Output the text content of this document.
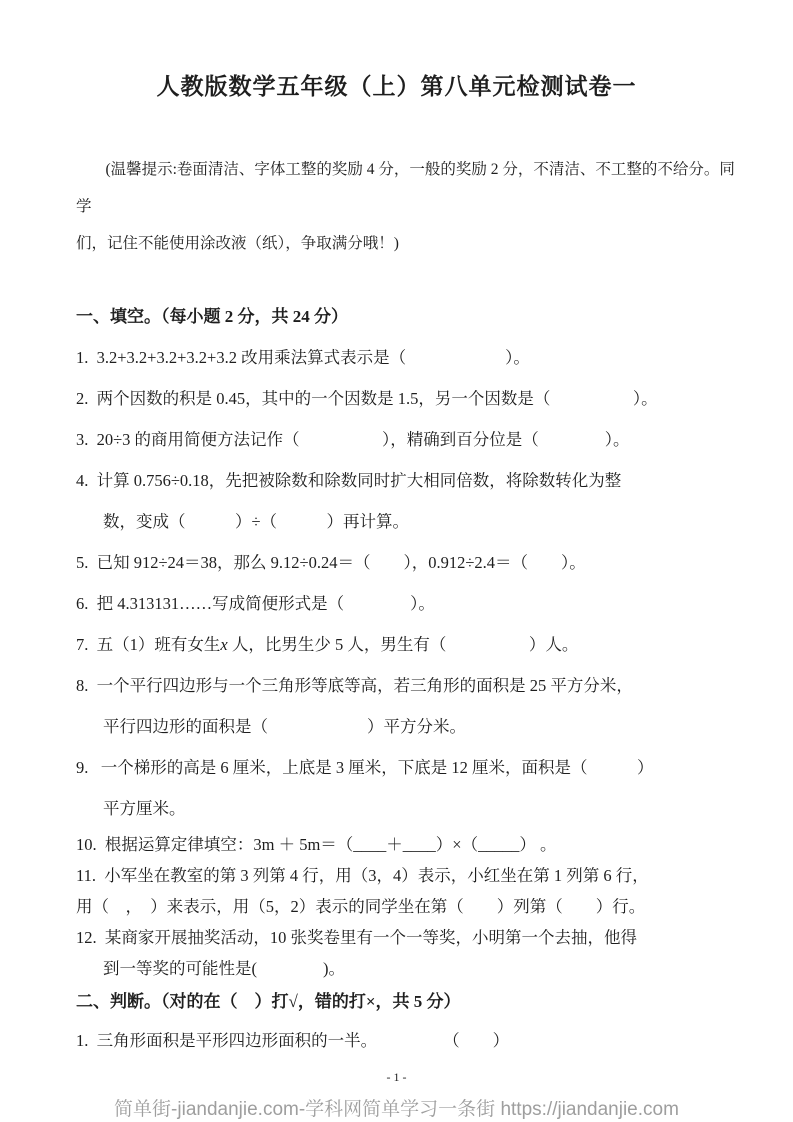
人教版数学五年级（上）第八单元检测试卷一
(温馨提示:卷面清洁、字体工整的奖励 4 分，一般的奖励 2 分，不清洁、不工整的不给分。同学
们，记住不能使用涂改液（纸），争取满分哦！)
一、填空。（每小题 2 分，共 24 分）
1.  3.2+3.2+3.2+3.2+3.2 改用乘法算式表示是（　　　　　　）。
2.  两个因数的积是 0.45，其中的一个因数是 1.5，另一个因数是（　　　　　）。
3.  20÷3 的商用简便方法记作（　　　　　），精确到百分位是（　　　　）。
4.  计算 0.756÷0.18，先把被除数和除数同时扩大相同倍数，将除数转化为整
数，变成（　　　）÷（　　　）再计算。
5.  已知 912÷24＝38，那么 9.12÷0.24＝（　　），0.912÷2.4＝（　　）。
6.  把 4.313131……写成简便形式是（　　　　）。
7.  五（1）班有女生x 人，比男生少 5 人，男生有（　　　　　）人。
8.  一个平行四边形与一个三角形等底等高，若三角形的面积是 25 平方分米，
平行四边形的面积是（　　　　　　）平方分米。
9.   一个梯形的高是 6 厘米，上底是 3 厘米，下底是 12 厘米，面积是（　　　）
平方厘米。
10.  根据运算定律填空：3m ＋ 5m＝（____＋____）×（_____） 。
11.  小军坐在教室的第 3 列第 4 行，用（3，4）表示，小红坐在第 1 列第 6 行，
用（　，　）来表示，用（5，2）表示的同学坐在第（　　）列第（　　）行。
12.  某商家开展抽奖活动，10 张奖卷里有一个一等奖，小明第一个去抽，他得
到一等奖的可能性是(　　　　)。
二、判断。（对的在（　）打√，错的打×，共 5 分）
1.  三角形面积是平形四边形面积的一半。　　　　　（　　）
- 1 -
简单街-jiandanjie.com-学科网简单学习一条街 https://jiandanjie.com
